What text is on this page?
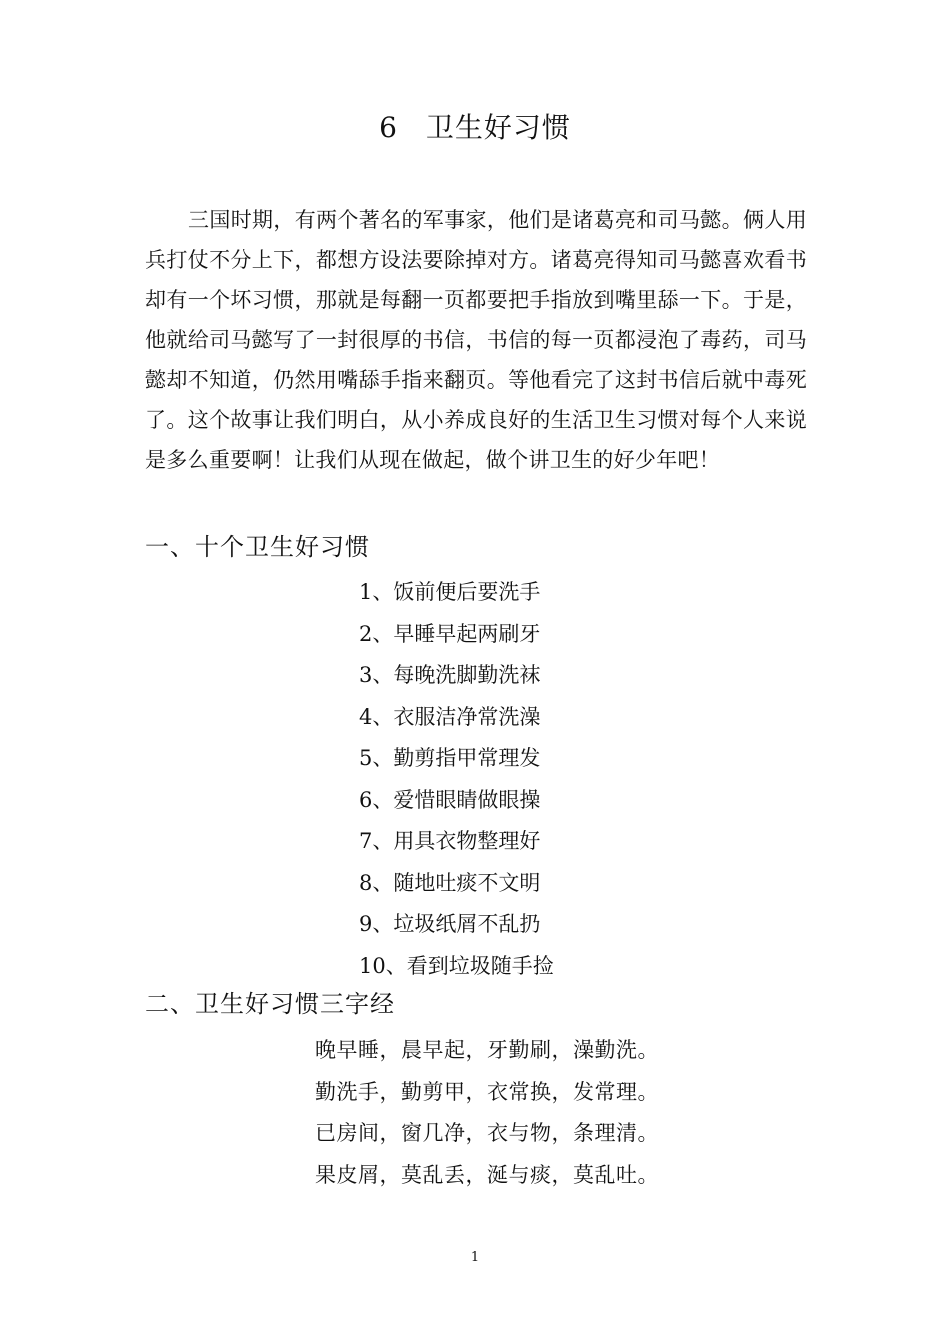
6 卫生好习惯

三国时期，有两个著名的军事家，他们是诸葛亮和司马懿。俩人用兵打仗不分上下，都想方设法要除掉对方。诸葛亮得知司马懿喜欢看书却有一个坏习惯，那就是每翻一页都要把手指放到嘴里舔一下。于是，他就给司马懿写了一封很厚的书信，书信的每一页都浸泡了毒药，司马懿却不知道，仍然用嘴舔手指来翻页。等他看完了这封书信后就中毒死了。这个故事让我们明白，从小养成良好的生活卫生习惯对每个人来说是多么重要啊！让我们从现在做起，做个讲卫生的好少年吧！

一、十个卫生好习惯
1、饭前便后要洗手
2、早睡早起两刷牙
3、每晚洗脚勤洗袜
4、衣服洁净常洗澡
5、勤剪指甲常理发
6、爱惜眼睛做眼操
7、用具衣物整理好
8、随地吐痰不文明
9、垃圾纸屑不乱扔
10、看到垃圾随手捡
二、卫生好习惯三字经
晚早睡，晨早起，牙勤刷，澡勤洗。
勤洗手，勤剪甲，衣常换，发常理。
已房间，窗几净，衣与物，条理清。
果皮屑，莫乱丢，涎与痰，莫乱吐。
1
